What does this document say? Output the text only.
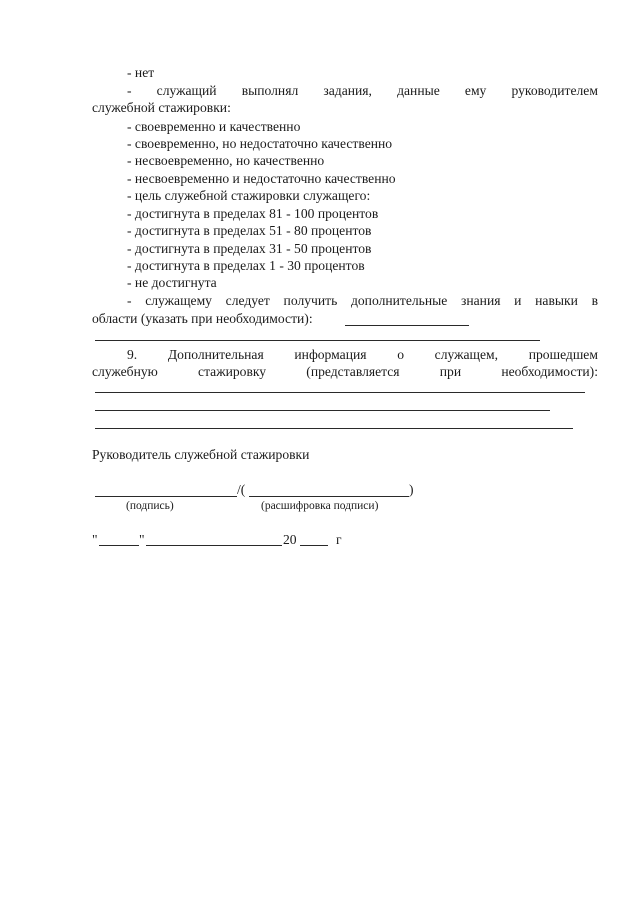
- нет
- служащий выполнял задания, данные ему руководителем
служебной стажировки:
- своевременно и качественно
- своевременно, но недостаточно качественно
- несвоевременно, но качественно
- несвоевременно и недостаточно качественно
- цель служебной стажировки служащего:
- достигнута в пределах 81 - 100 процентов
- достигнута в пределах 51 - 80 процентов
- достигнута в пределах 31 - 50 процентов
- достигнута в пределах 1 - 30 процентов
- не достигнута
- служащему следует получить дополнительные знания и навыки в
области (указать при необходимости):
9. Дополнительная информация о служащем, прошедшем
служебную	стажировку	(представляется	при	необходимости):
Руководитель служебной стажировки
/(	)
(подпись)	(расшифровка подписи)
"	"	20	г
